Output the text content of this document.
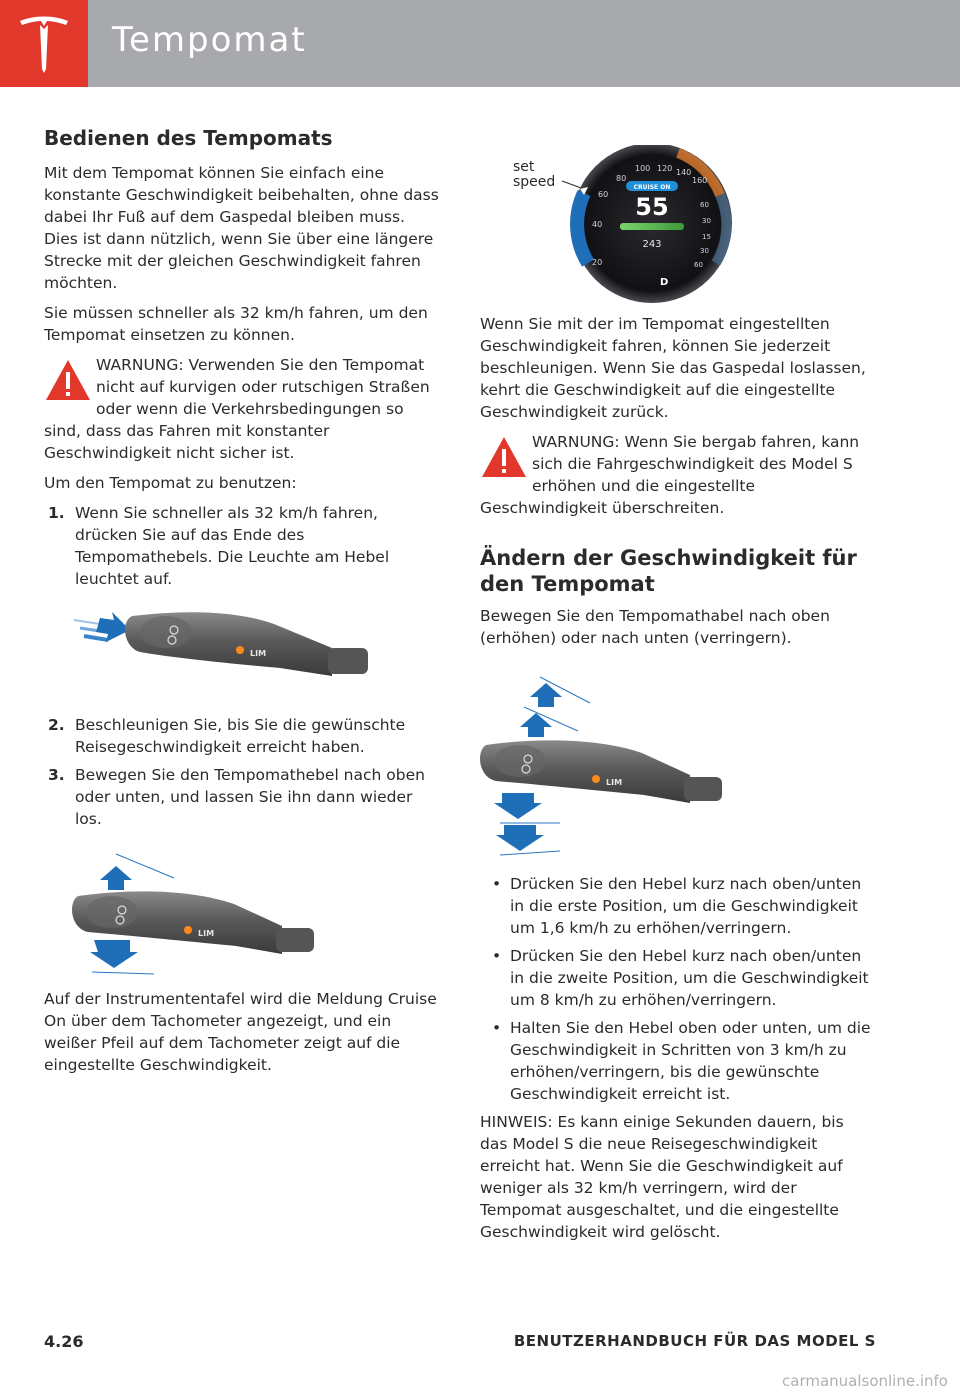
Tempomat
Bedienen des Tempomats

Mit dem Tempomat können Sie einfach eine konstante Geschwindigkeit beibehalten, ohne dass dabei Ihr Fuß auf dem Gaspedal bleiben muss. Dies ist dann nützlich, wenn Sie über eine längere Strecke mit der gleichen Geschwindigkeit fahren möchten.

Sie müssen schneller als 32 km/h fahren, um den Tempomat einsetzen zu können.

WARNUNG: Verwenden Sie den Tempomat nicht auf kurvigen oder rutschigen Straßen oder wenn die Verkehrsbedingungen so sind, dass das Fahren mit konstanter Geschwindigkeit nicht sicher ist.

Um den Tempomat zu benutzen:

1. Wenn Sie schneller als 32 km/h fahren, drücken Sie auf das Ende des Tempomathebels. Die Leuchte am Hebel leuchtet auf.
LIM
2. Beschleunigen Sie, bis Sie die gewünschte Reisegeschwindigkeit erreicht haben.
3. Bewegen Sie den Tempomathebel nach oben oder unten, und lassen Sie ihn dann wieder los.
LIM

Auf der Instrumententafel wird die Meldung Cruise On über dem Tachometer angezeigt, und ein weißer Pfeil auf dem Tachometer zeigt auf die eingestellte Geschwindigkeit.

set
speed
20
40
60
80
100 120 140
160
60
30
15
30
60
CRUISE ON
55
243
D

Wenn Sie mit der im Tempomat eingestellten Geschwindigkeit fahren, können Sie jederzeit beschleunigen. Wenn Sie das Gaspedal loslassen, kehrt die Geschwindigkeit auf die eingestellte Geschwindigkeit zurück.

WARNUNG: Wenn Sie bergab fahren, kann sich die Fahrgeschwindigkeit des Model S erhöhen und die eingestellte Geschwindigkeit überschreiten.
Ändern der Geschwindigkeit für den Tempomat

Bewegen Sie den Tempomathabel nach oben (erhöhen) oder nach unten (verringern).

LIM
• Drücken Sie den Hebel kurz nach oben/unten in die erste Position, um die Geschwindigkeit um 1,6 km/h zu erhöhen/verringern.
• Drücken Sie den Hebel kurz nach oben/unten in die zweite Position, um die Geschwindigkeit um 8 km/h zu erhöhen/verringern.
• Halten Sie den Hebel oben oder unten, um die Geschwindigkeit in Schritten von 3 km/h zu erhöhen/verringern, bis die gewünschte Geschwindigkeit erreicht ist.

HINWEIS: Es kann einige Sekunden dauern, bis das Model S die neue Reisegeschwindigkeit erreicht hat. Wenn Sie die Geschwindigkeit auf weniger als 32 km/h verringern, wird der Tempomat ausgeschaltet, und die eingestellte Geschwindigkeit wird gelöscht.

4.26	BENUTZERHANDBUCH FÜR DAS MODEL S
carmanualsonline.info
